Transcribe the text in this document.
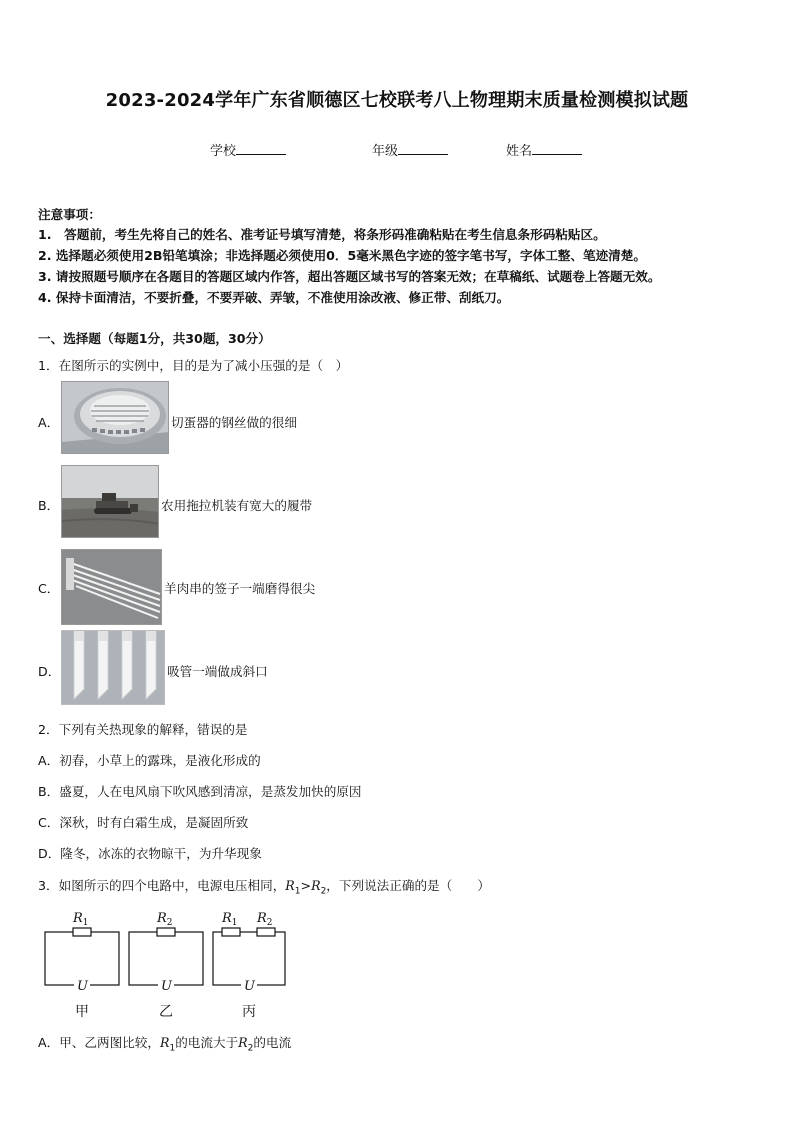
2023-2024学年广东省顺德区七校联考八上物理期末质量检测模拟试题
学校	年级	姓名
注意事项：
1.　答题前，考生先将自己的姓名、准考证号填写清楚，将条形码准确粘贴在考生信息条形码粘贴区。
2. 选择题必须使用2B铅笔填涂；非选择题必须使用0．5毫米黑色字迹的签字笔书写，字体工整、笔迹清楚。
3. 请按照题号顺序在各题目的答题区域内作答，超出答题区域书写的答案无效；在草稿纸、试题卷上答题无效。
4. 保持卡面清洁，不要折叠，不要弄破、弄皱，不准使用涂改液、修正带、刮纸刀。
一、选择题（每题1分，共30题，30分）
1．在图所示的实例中，目的是为了减小压强的是（　）
A．	切蛋器的钢丝做的很细
B．	农用拖拉机装有宽大的履带
C．	羊肉串的签子一端磨得很尖
D．	吸管一端做成斜口
2．下列有关热现象的解释，错误的是
A．初春，小草上的露珠，是液化形成的
B．盛夏，人在电风扇下吹风感到清凉，是蒸发加快的原因
C．深秋，时有白霜生成，是凝固所致
D．隆冬，冰冻的衣物晾干，为升华现象
3．如图所示的四个电路中，电源电压相同，$R_1>R_2$，下列说法正确的是（　　）
$R_1$	$R_2$	$R_1$ $R_2$
U	U	U
甲	乙	丙
A．甲、乙两图比较，$R_1$的电流大于$R_2$的电流
